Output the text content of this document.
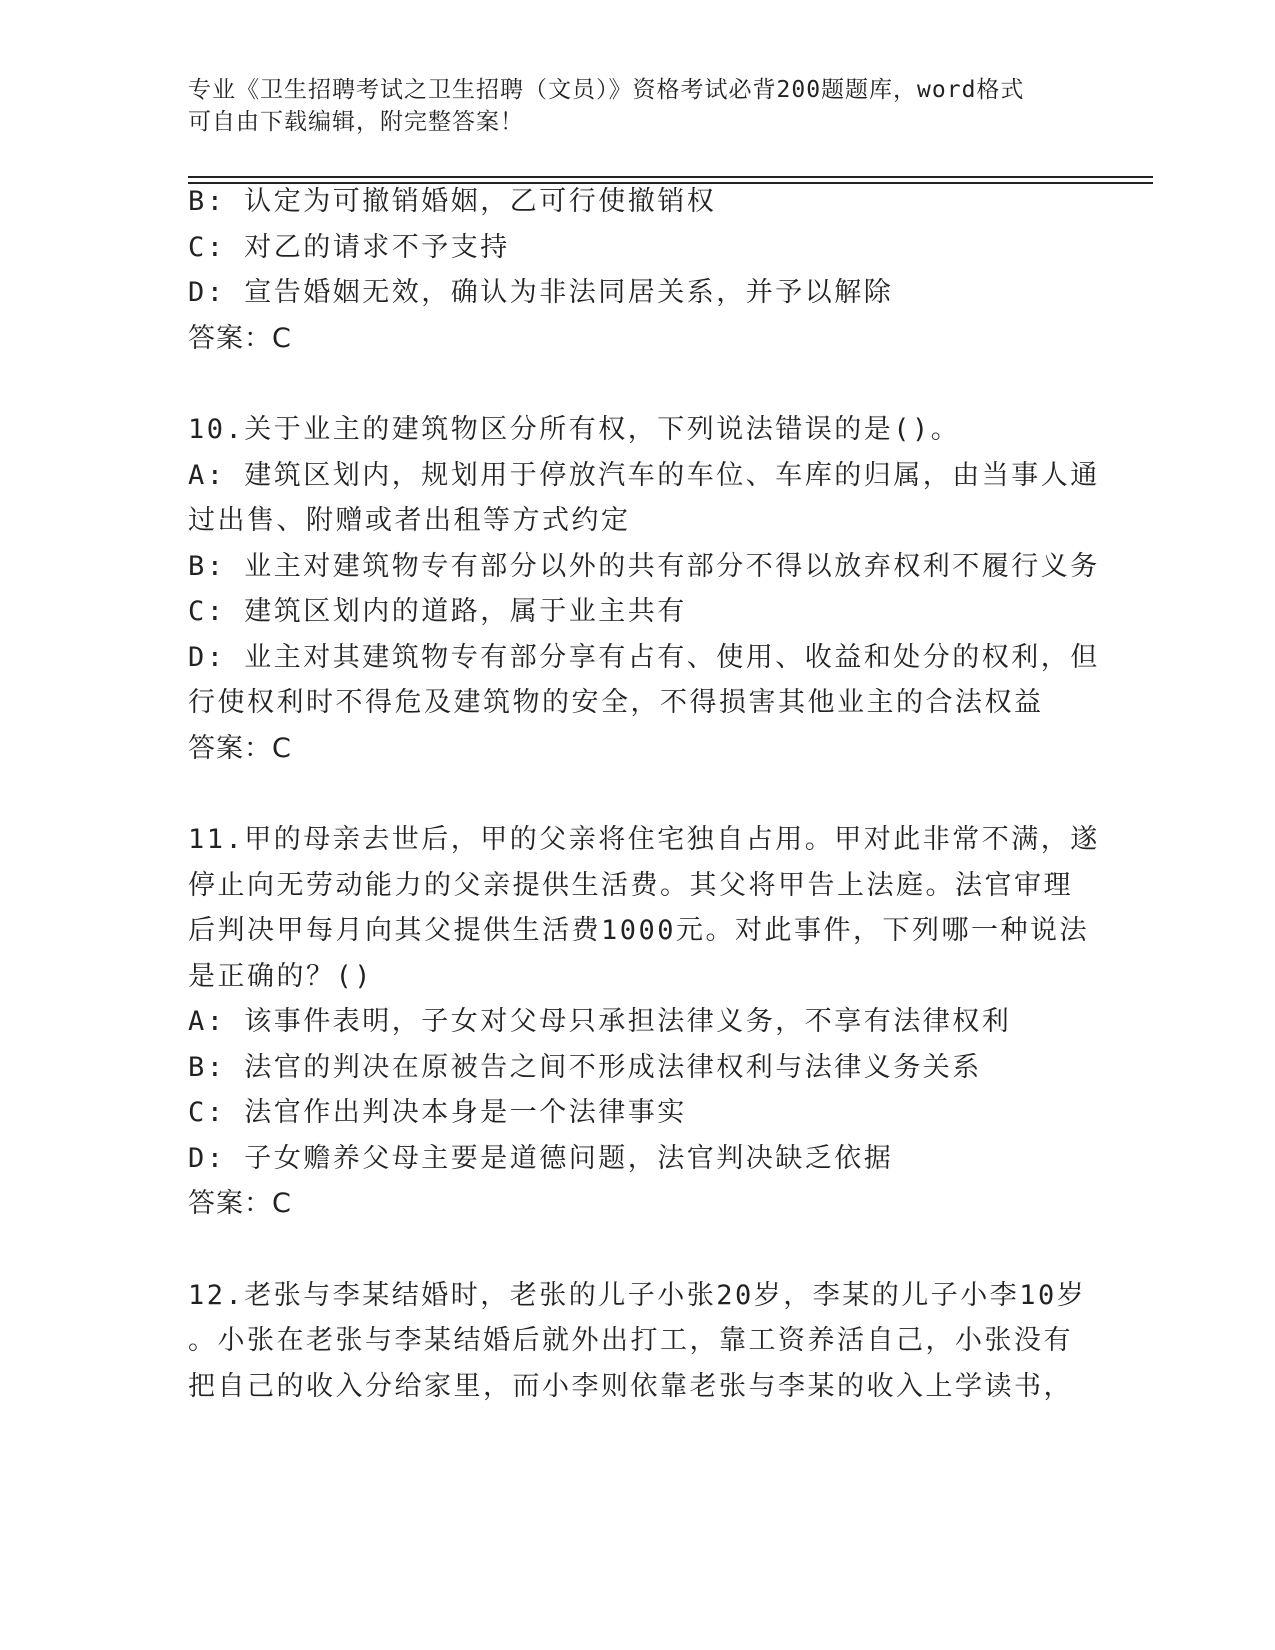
专业《卫生招聘考试之卫生招聘（文员）》资格考试必背200题题库，word格式
可自由下载编辑，附完整答案！
B: 认定为可撤销婚姻，乙可行使撤销权
C: 对乙的请求不予支持
D: 宣告婚姻无效，确认为非法同居关系，并予以解除
答案：C
10.关于业主的建筑物区分所有权，下列说法错误的是()。
A: 建筑区划内，规划用于停放汽车的车位、车库的归属，由当事人通
过出售、附赠或者出租等方式约定
B: 业主对建筑物专有部分以外的共有部分不得以放弃权利不履行义务
C: 建筑区划内的道路，属于业主共有
D: 业主对其建筑物专有部分享有占有、使用、收益和处分的权利，但
行使权利时不得危及建筑物的安全，不得损害其他业主的合法权益
答案：C
11.甲的母亲去世后，甲的父亲将住宅独自占用。甲对此非常不满，遂
停止向无劳动能力的父亲提供生活费。其父将甲告上法庭。法官审理
后判决甲每月向其父提供生活费1000元。对此事件，下列哪一种说法
是正确的？()
A: 该事件表明，子女对父母只承担法律义务，不享有法律权利
B: 法官的判决在原被告之间不形成法律权利与法律义务关系
C: 法官作出判决本身是一个法律事实
D: 子女赡养父母主要是道德问题，法官判决缺乏依据
答案：C
12.老张与李某结婚时，老张的儿子小张20岁，李某的儿子小李10岁
。小张在老张与李某结婚后就外出打工，靠工资养活自己，小张没有
把自己的收入分给家里，而小李则依靠老张与李某的收入上学读书，
